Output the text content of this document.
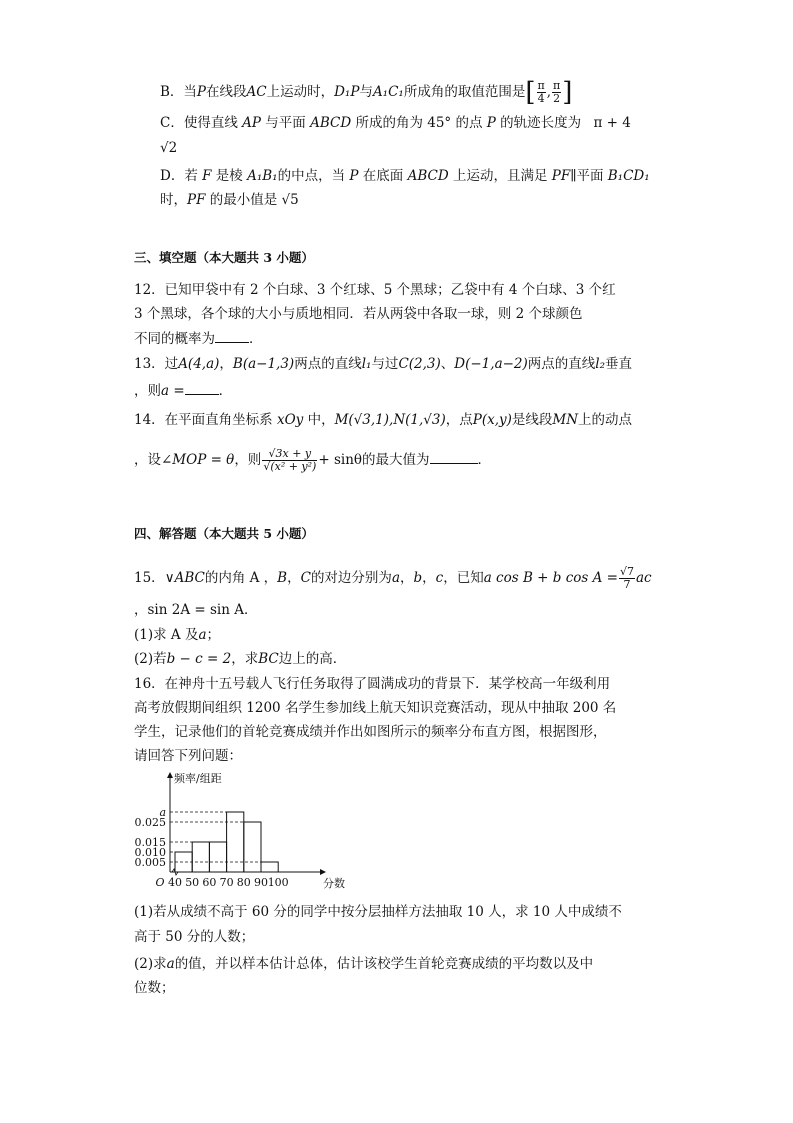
B．当P在线段AC上运动时，D₁P与A₁C₁所成角的取值范围是[ $\frac{\pi}{4}$ , $\frac{\pi}{2}$ ]
C．使得直线 AP 与平面 ABCD 所成的角为 45° 的点 P 的轨迹长度为 π + 4
√2
D．若 F 是棱 A₁B₁的中点，当 P 在底面 ABCD 上运动，且满足 PF∥平面 B₁CD₁
时，PF 的最小值是 √5
三、填空题（本大题共 3 小题）
12．已知甲袋中有 2 个白球、3 个红球、5 个黑球；乙袋中有 4 个白球、3 个红
3 个黑球，各个球的大小与质地相同．若从两袋中各取一球，则 2 个球颜色
不同的概率为	．
13．过A(4,a)，B(a−1,3)两点的直线l₁与过C(2,3)、D(−1,a−2)两点的直线l₂垂直
，则a =	．
14．在平面直角坐标系 xOy 中，M(√3,1),N(1,√3)，点P(x,y)是线段MN上的动点
，设∠MOP = θ，则 $\frac{√3x + y}{\text{√(x² + y²)}} + \sin\theta$的最大值为	．
四、解答题（本大题共 5 小题）
15．∨ABC的内角 A ，B，C的对边分别为a，b，c，已知a cos B + b $\cos A = \frac{√7}{7}$ ac
，sin 2A = sin A．
(1)求 A 及a；
(2)若b − c = 2，求BC边上的高．
16．在神舟十五号载人飞行任务取得了圆满成功的背景下．某学校高一年级利用
高考放假期间组织 1200 名学生参加线上航天知识竞赛活动，现从中抽取 200 名
学生，记录他们的首轮竞赛成绩并作出如图所示的频率分布直方图，根据图形，
请回答下列问题：
a
0.025
0.015
0.010
0.005
40 50 60 70 80 90 100
O	分数
频率/组距
(1)若从成绩不高于 60 分的同学中按分层抽样方法抽取 10 人，求 10 人中成绩不
高于 50 分的人数；
(2)求a的值，并以样本估计总体，估计该校学生首轮竞赛成绩的平均数以及中
位数；
